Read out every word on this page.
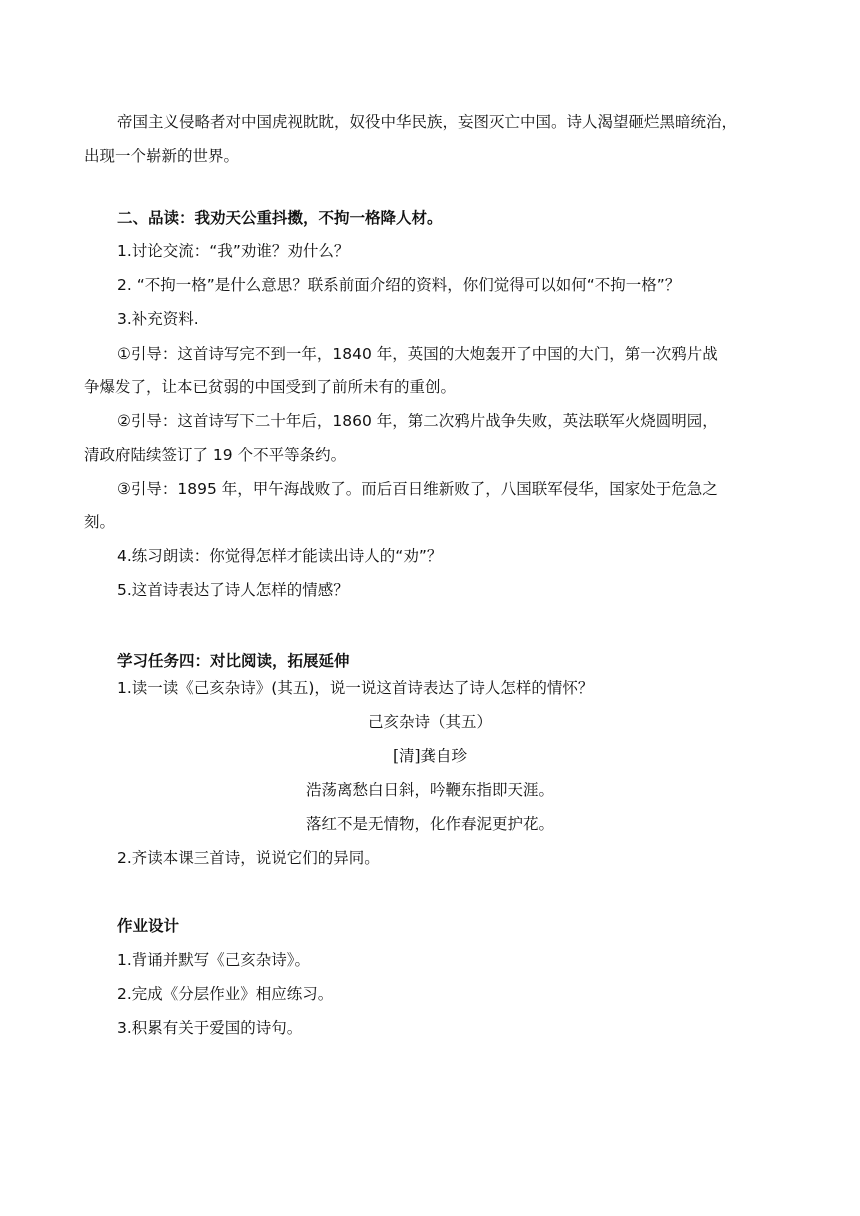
帝国主义侵略者对中国虎视眈眈，奴役中华民族，妄图灭亡中国。诗人渴望砸烂黑暗统治，
出现一个崭新的世界。
二、品读：我劝天公重抖擞，不拘一格降人材。
1.讨论交流：“我”劝谁？劝什么？
2. “不拘一格”是什么意思？联系前面介绍的资料，你们觉得可以如何“不拘一格”？
3.补充资料.
①引导：这首诗写完不到一年，1840 年，英国的大炮轰开了中国的大门，第一次鸦片战
争爆发了，让本已贫弱的中国受到了前所未有的重创。
②引导：这首诗写下二十年后，1860 年，第二次鸦片战争失败，英法联军火烧圆明园，
清政府陆续签订了 19 个不平等条约。
③引导：1895 年，甲午海战败了。而后百日维新败了，八国联军侵华，国家处于危急之
刻。
4.练习朗读：你觉得怎样才能读出诗人的“劝”？
5.这首诗表达了诗人怎样的情感？
学习任务四：对比阅读，拓展延伸
1.读一读《己亥杂诗》(其五)，说一说这首诗表达了诗人怎样的情怀？
己亥杂诗（其五）
[清]龚自珍
浩荡离愁白日斜，吟鞭东指即天涯。
落红不是无情物，化作春泥更护花。
2.齐读本课三首诗，说说它们的异同。
作业设计
1.背诵并默写《己亥杂诗》。
2.完成《分层作业》相应练习。
3.积累有关于爱国的诗句。
